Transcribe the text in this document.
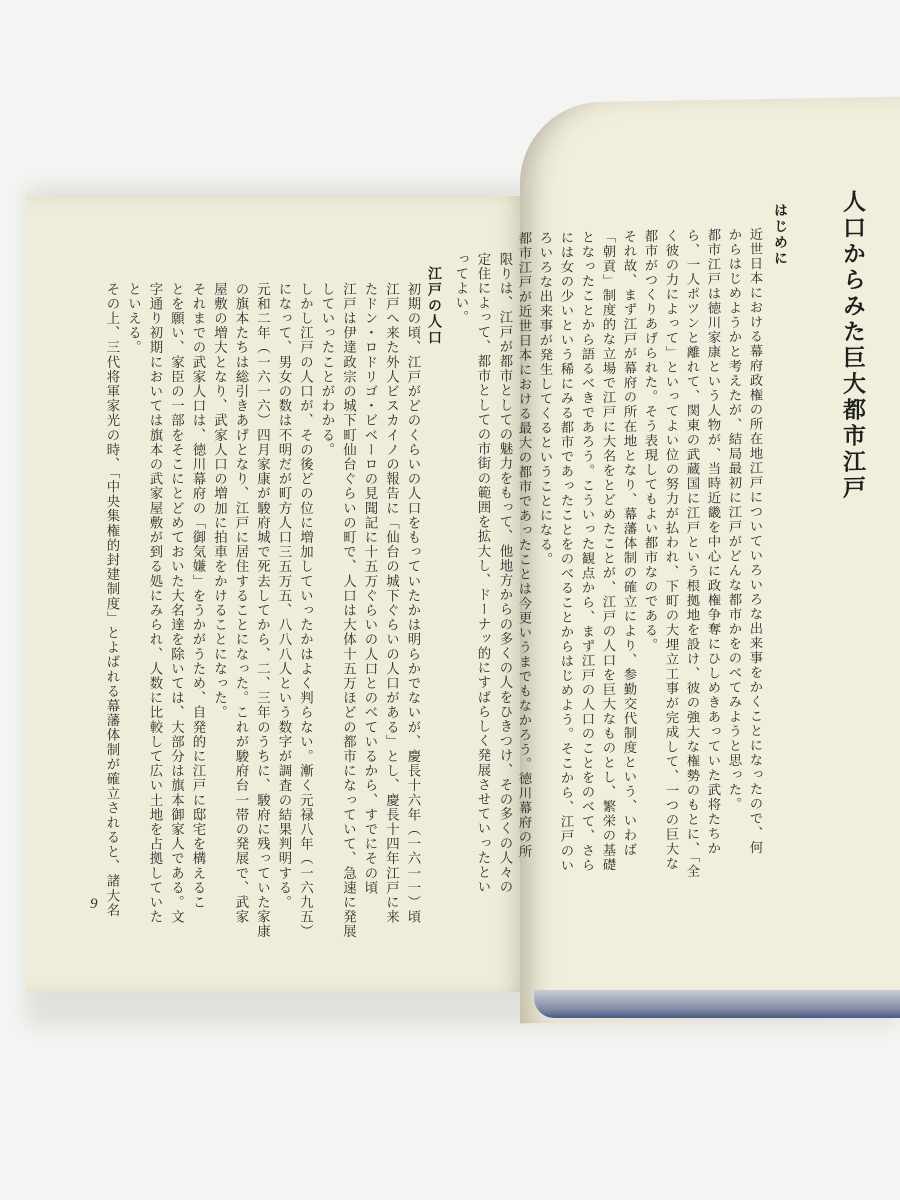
限りは、江戸が都市としての魅力をもって、他地方からの多くの人をひきつけ、その多くの人々の
定住によって、都市としての市街の範囲を拡大し、ドーナッ的にすばらしく発展させていったとい
ってよい。
江戸の人口
初期の頃、江戸がどのくらいの人口をもっていたかは明らかでないが、慶長十六年（一六一一）頃
江戸へ来た外人ビスカイノの報告に「仙台の城下ぐらいの人口がある」とし、慶長十四年江戸に来
たドン・ロドリゴ・ビベーロの見聞記に十五万ぐらいの人口とのべているから、すでにその頃
江戸は伊達政宗の城下町仙台ぐらいの町で、人口は大体十五万ほどの都市になっていて、急速に発展
していったことがわかる。
しかし江戸の人口が、その後どの位に増加していったかはよく判らない。漸く元禄八年（一六九五）
になって、男女の数は不明だが町方人口三五万五、八八八人という数字が調査の結果判明する。
元和二年（一六一六）四月家康が駿府城で死去してから、二、三年のうちに、駿府に残っていた家康
の旗本たちは総引きあげとなり、江戸に居住することになった。これが駿府台一帯の発展で、武家
屋敷の増大となり、武家人口の増加に拍車をかけることになった。
それまでの武家人口は、徳川幕府の「御気嫌」をうかがうため、自発的に江戸に邸宅を構えるこ
とを願い、家臣の一部をそこにとどめておいた大名達を除いては、大部分は旗本御家人である。文
字通り初期においては旗本の武家屋敷が到る処にみられ、人数に比較して広い土地を占拠していた
といえる。
その上、三代将軍家光の時、「中央集権的封建制度」とよばれる幕藩体制が確立されると、諸大名
9
人口からみた巨大都市江戸
はじめに
近世日本における幕府政権の所在地江戸についていろいろな出来事をかくことになったので、何
からはじめようかと考えたが、結局最初に江戸がどんな都市かをのべてみようと思った。
都市江戸は徳川家康という人物が、当時近畿を中心に政権争奪にひしめきあっていた武将たちか
ら、一人ポツンと離れて、関東の武蔵国に江戸という根拠地を設け、彼の強大な権勢のもとに、「全
く彼の力によって」といってよい位の努力が払われ、下町の大埋立工事が完成して、一つの巨大な
都市がつくりあげられた。そう表現してもよい都市なのである。
それ故、まず江戸が幕府の所在地となり、幕藩体制の確立により、参勤交代制度という、いわば
「朝貢」制度的な立場で江戸に大名をとどめたことが、江戸の人口を巨大なものとし、繁栄の基礎
となったことから語るべきであろう。こういった観点から、まず江戸の人口のことをのべて、さら
には女の少いという稀にみる都市であったことをのべることからはじめよう。そこから、江戸のい
ろいろな出来事が発生してくるということになる。
都市江戸が近世日本における最大の都市であったことは今更いうまでもなかろう。徳川幕府の所
